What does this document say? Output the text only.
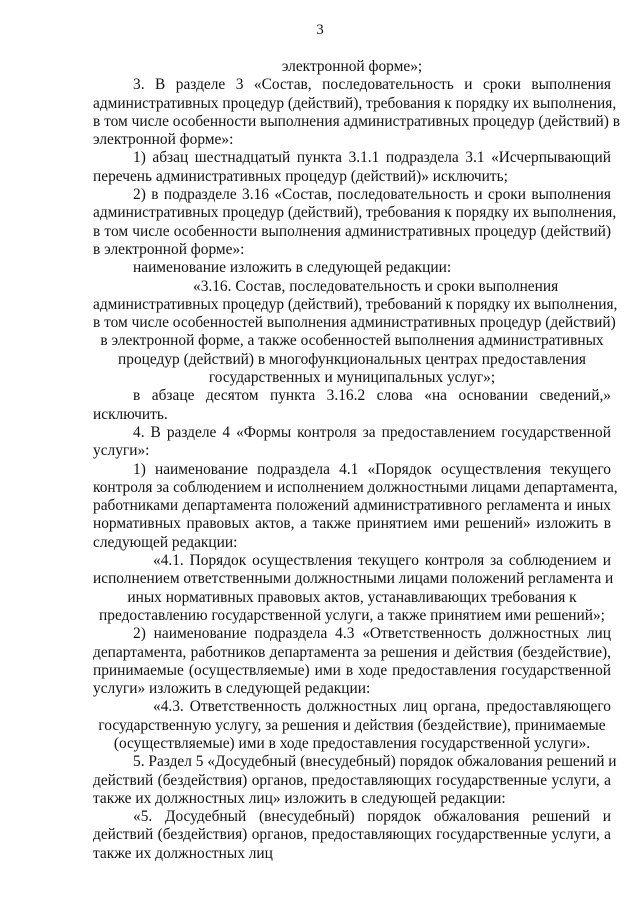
3
электронной форме»;
3. В разделе 3 «Состав, последовательность и сроки выполнения
административных процедур (действий), требования к порядку их выполнения,
в том числе особенности выполнения административных процедур (действий) в
электронной форме»:
1) абзац шестнадцатый пункта 3.1.1 подраздела 3.1 «Исчерпывающий
перечень административных процедур (действий)» исключить;
2) в подразделе 3.16 «Состав, последовательность и сроки выполнения
административных процедур (действий), требования к порядку их выполнения,
в том числе особенности выполнения административных процедур (действий)
в электронной форме»:
наименование изложить в следующей редакции:
«3.16. Состав, последовательность и сроки выполнения
административных процедур (действий), требований к порядку их выполнения,
в том числе особенностей выполнения административных процедур (действий)
в электронной форме, а также особенностей выполнения административных
процедур (действий) в многофункциональных центрах предоставления
государственных и муниципальных услуг»;
в абзаце десятом пункта 3.16.2 слова «на основании сведений,»
исключить.
4. В разделе 4 «Формы контроля за предоставлением государственной
услуги»:
1) наименование подраздела 4.1 «Порядок осуществления текущего
контроля за соблюдением и исполнением должностными лицами департамента,
работниками департамента положений административного регламента и иных
нормативных правовых актов, а также принятием ими решений» изложить в
следующей редакции:
«4.1. Порядок осуществления текущего контроля за соблюдением и
исполнением ответственными должностными лицами положений регламента и
иных нормативных правовых актов, устанавливающих требования к
предоставлению государственной услуги, а также принятием ими решений»;
2) наименование подраздела 4.3 «Ответственность должностных лиц
департамента, работников департамента за решения и действия (бездействие),
принимаемые (осуществляемые) ими в ходе предоставления государственной
услуги» изложить в следующей редакции:
«4.3. Ответственность должностных лиц органа, предоставляющего
государственную услугу, за решения и действия (бездействие), принимаемые
(осуществляемые) ими в ходе предоставления государственной услуги».
5. Раздел 5 «Досудебный (внесудебный) порядок обжалования решений и
действий (бездействия) органов, предоставляющих государственные услуги, а
также их должностных лиц» изложить в следующей редакции:
«5. Досудебный (внесудебный) порядок обжалования решений и
действий (бездействия) органов, предоставляющих государственные услуги, а
также их должностных лиц
